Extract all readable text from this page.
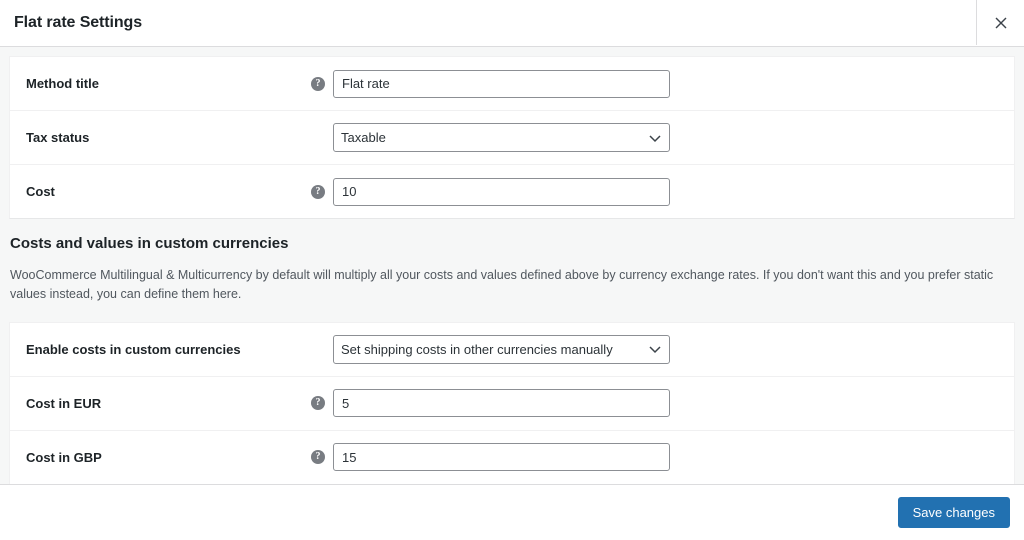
Flat rate Settings
Method title	?
Flat rate
Tax status
Taxable
Cost	?
10
Costs and values in custom currencies

WooCommerce Multilingual & Multicurrency by default will multiply all your costs and values defined above by currency exchange rates. If you don't want this and you prefer static values instead, you can define them here.

Enable costs in custom currencies
Set shipping costs in other currencies manually
Cost in EUR	?
5
Cost in GBP	?
15
Save changes
